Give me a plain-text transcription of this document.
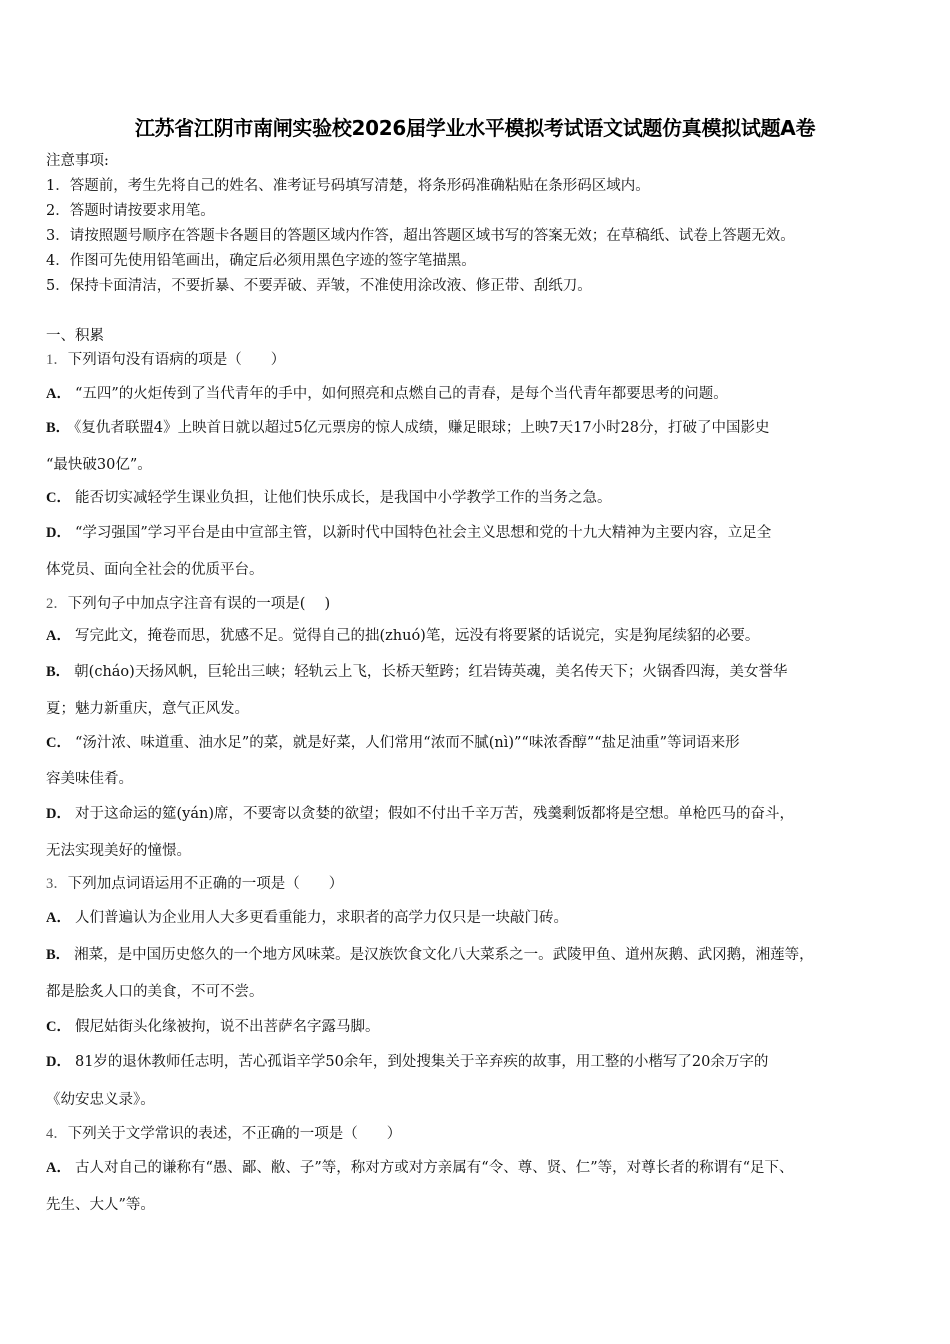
江苏省江阴市南闸实验校2026届学业水平模拟考试语文试题仿真模拟试题A卷
注意事项:
1．答题前，考生先将自己的姓名、准考证号码填写清楚，将条形码准确粘贴在条形码区域内。
2．答题时请按要求用笔。
3．请按照题号顺序在答题卡各题目的答题区域内作答，超出答题区域书写的答案无效；在草稿纸、试卷上答题无效。
4．作图可先使用铅笔画出，确定后必须用黑色字迹的签字笔描黑。
5．保持卡面清洁，不要折暴、不要弄破、弄皱，不准使用涂改液、修正带、刮纸刀。
一、积累
1．下列语句没有语病的项是（　　）
A． “五四”的火炬传到了当代青年的手中，如何照亮和点燃自己的青春，是每个当代青年都要思考的问题。
B． 《复仇者联盟4》上映首日就以超过5亿元票房的惊人成绩，赚足眼球；上映7天17小时28分，打破了中国影史
“最快破30亿”。
C． 能否切实减轻学生课业负担，让他们快乐成长，是我国中小学教学工作的当务之急。
D． “学习强国”学习平台是由中宣部主管，以新时代中国特色社会主义思想和党的十九大精神为主要内容，立足全
体党员、面向全社会的优质平台。
2．下列句子中加点字注音有误的一项是(　 )
A． 写完此文，掩卷而思，犹感不足。觉得自己的拙(zhuó)笔，远没有将要紧的话说完，实是狗尾续貂的必要。
B． 朝(cháo)天扬风帆，巨轮出三峡；轻轨云上飞，长桥天堑跨；红岩铸英魂，美名传天下；火锅香四海，美女誉华
夏；魅力新重庆，意气正风发。
C． “汤汁浓、味道重、油水足”的菜，就是好菜，人们常用“浓而不腻(nì)”“味浓香醇”“盐足油重”等词语来形
容美味佳肴。
D． 对于这命运的筵(yán)席，不要寄以贪婪的欲望；假如不付出千辛万苦，残羹剩饭都将是空想。单枪匹马的奋斗，
无法实现美好的憧憬。
3．下列加点词语运用不正确的一项是（　　）
A． 人们普遍认为企业用人大多更看重能力，求职者的高学力仅只是一块敲门砖。
B． 湘菜，是中国历史悠久的一个地方风味菜。是汉族饮食文化八大菜系之一。武陵甲鱼、道州灰鹅、武冈鹅，湘莲等，
都是脍炙人口的美食，不可不尝。
C． 假尼姑街头化缘被拘，说不出菩萨名字露马脚。
D． 81岁的退休教师任志明，苦心孤诣辛学50余年，到处搜集关于辛弃疾的故事，用工整的小楷写了20余万字的
《幼安忠义录》。
4．下列关于文学常识的表述，不正确的一项是（　　）
A． 古人对自己的谦称有“愚、鄙、敝、子”等，称对方或对方亲属有“令、尊、贤、仁”等，对尊长者的称谓有“足下、
先生、大人”等。
